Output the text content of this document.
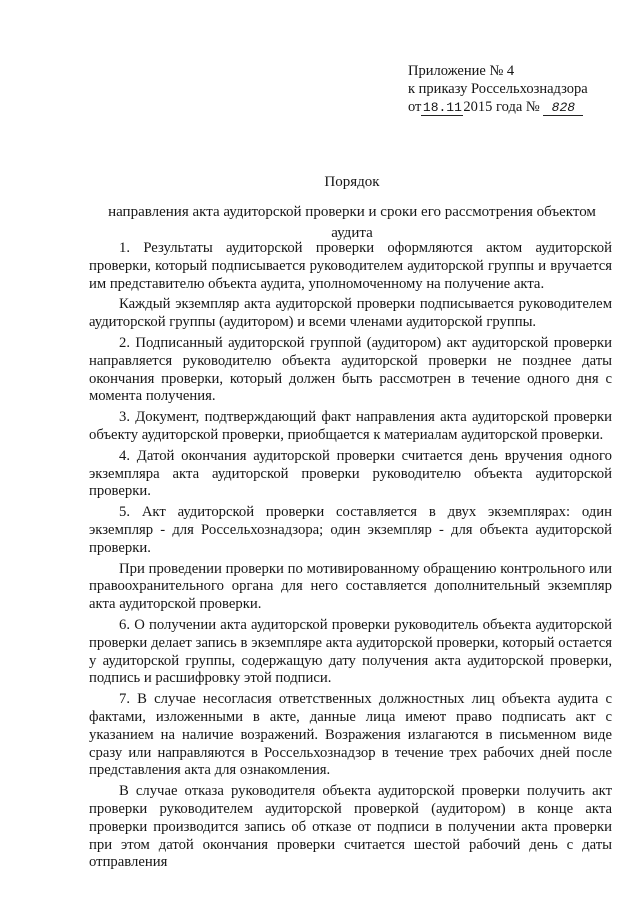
Приложение № 4
к приказу Россельхознадзора
от18.11 2015 года № 828
Порядок
направления акта аудиторской проверки и сроки его рассмотрения объектом аудита

1. Результаты аудиторской проверки оформляются актом аудиторской проверки, который подписывается руководителем аудиторской группы и вручается им представителю объекта аудита, уполномоченному на получение акта.

Каждый экземпляр акта аудиторской проверки подписывается руководителем аудиторской группы (аудитором) и всеми членами аудиторской группы.

2. Подписанный аудиторской группой (аудитором) акт аудиторской проверки направляется руководителю объекта аудиторской проверки не позднее даты окончания проверки, который должен быть рассмотрен в течение одного дня с момента получения.

3. Документ, подтверждающий факт направления акта аудиторской проверки объекту аудиторской проверки, приобщается к материалам аудиторской проверки.

4. Датой окончания аудиторской проверки считается день вручения одного экземпляра акта аудиторской проверки руководителю объекта аудиторской проверки.

5. Акт аудиторской проверки составляется в двух экземплярах: один экземпляр - для Россельхознадзора; один экземпляр - для объекта аудиторской проверки.

При проведении проверки по мотивированному обращению контрольного или правоохранительного органа для него составляется дополнительный экземпляр акта аудиторской проверки.

6. О получении акта аудиторской проверки руководитель объекта аудиторской проверки делает запись в экземпляре акта аудиторской проверки, который остается у аудиторской группы, содержащую дату получения акта аудиторской проверки, подпись и расшифровку этой подписи.

7. В случае несогласия ответственных должностных лиц объекта аудита с фактами, изложенными в акте, данные лица имеют право подписать акт с указанием на наличие возражений. Возражения излагаются в письменном виде сразу или направляются в Россельхознадзор в течение трех рабочих дней после представления акта для ознакомления.

В случае отказа руководителя объекта аудиторской проверки получить акт проверки руководителем аудиторской проверкой (аудитором) в конце акта проверки производится запись об отказе от подписи в получении акта проверки при этом датой окончания проверки считается шестой рабочий день с даты отправления
